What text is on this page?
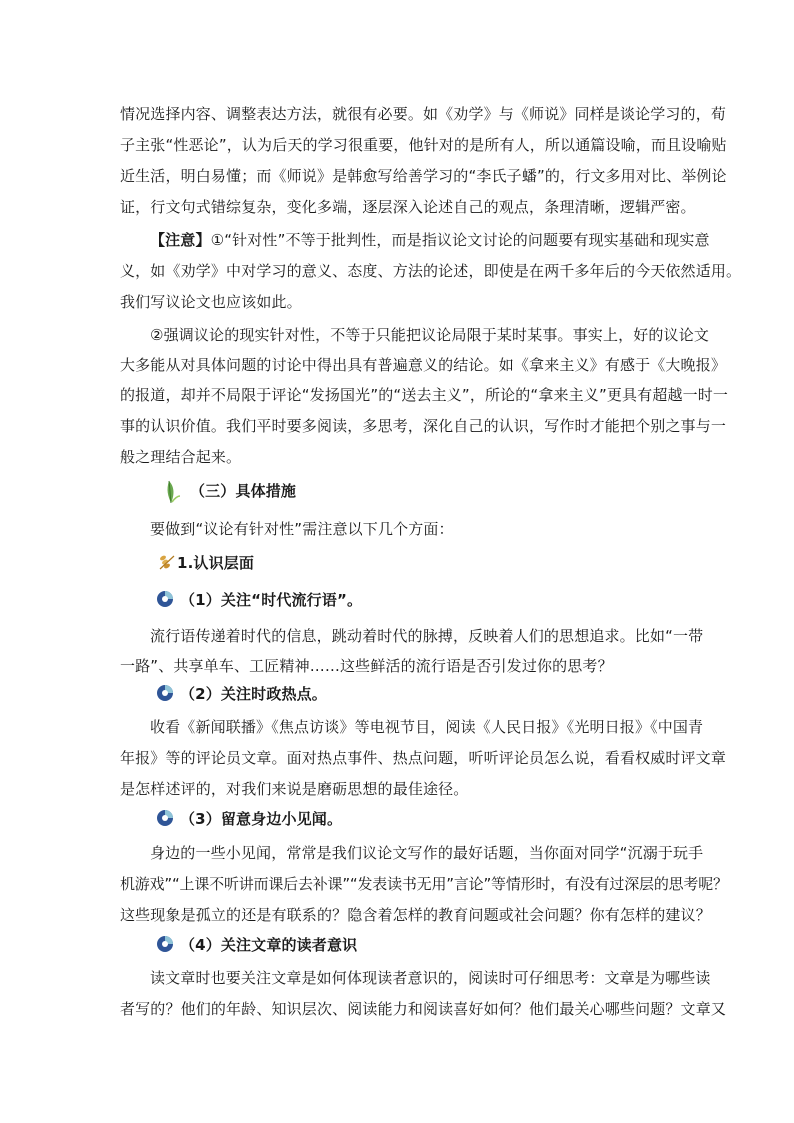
情况选择内容、调整表达方法，就很有必要。如《劝学》与《师说》同样是谈论学习的，荀
子主张“性恶论”，认为后天的学习很重要，他针对的是所有人，所以通篇设喻，而且设喻贴
近生活，明白易懂；而《师说》是韩愈写给善学习的“李氏子蟠”的，行文多用对比、举例论
证，行文句式错综复杂，变化多端，逐层深入论述自己的观点，条理清晰，逻辑严密。
【注意】①“针对性”不等于批判性，而是指议论文讨论的问题要有现实基础和现实意
义，如《劝学》中对学习的意义、态度、方法的论述，即使是在两千多年后的今天依然适用。
我们写议论文也应该如此。
②强调议论的现实针对性，不等于只能把议论局限于某时某事。事实上，好的议论文
大多能从对具体问题的讨论中得出具有普遍意义的结论。如《拿来主义》有感于《大晚报》
的报道，却并不局限于评论“发扬国光”的“送去主义”，所论的“拿来主义”更具有超越一时一
事的认识价值。我们平时要多阅读，多思考，深化自己的认识，写作时才能把个别之事与一
般之理结合起来。
（三）具体措施
要做到“议论有针对性”需注意以下几个方面：
1.认识层面
（1）关注“时代流行语”。
流行语传递着时代的信息，跳动着时代的脉搏，反映着人们的思想追求。比如“一带
一路”、共享单车、工匠精神……这些鲜活的流行语是否引发过你的思考？
（2）关注时政热点。
收看《新闻联播》《焦点访谈》等电视节目，阅读《人民日报》《光明日报》《中国青
年报》等的评论员文章。面对热点事件、热点问题，听听评论员怎么说，看看权威时评文章
是怎样述评的，对我们来说是磨砺思想的最佳途径。
（3）留意身边小见闻。
身边的一些小见闻，常常是我们议论文写作的最好话题，当你面对同学“沉溺于玩手
机游戏”“上课不听讲而课后去补课”“发表读书无用”言论”等情形时，有没有过深层的思考呢？
这些现象是孤立的还是有联系的？隐含着怎样的教育问题或社会问题？你有怎样的建议？
（4）关注文章的读者意识
读文章时也要关注文章是如何体现读者意识的，阅读时可仔细思考：文章是为哪些读
者写的？他们的年龄、知识层次、阅读能力和阅读喜好如何？他们最关心哪些问题？文章又
